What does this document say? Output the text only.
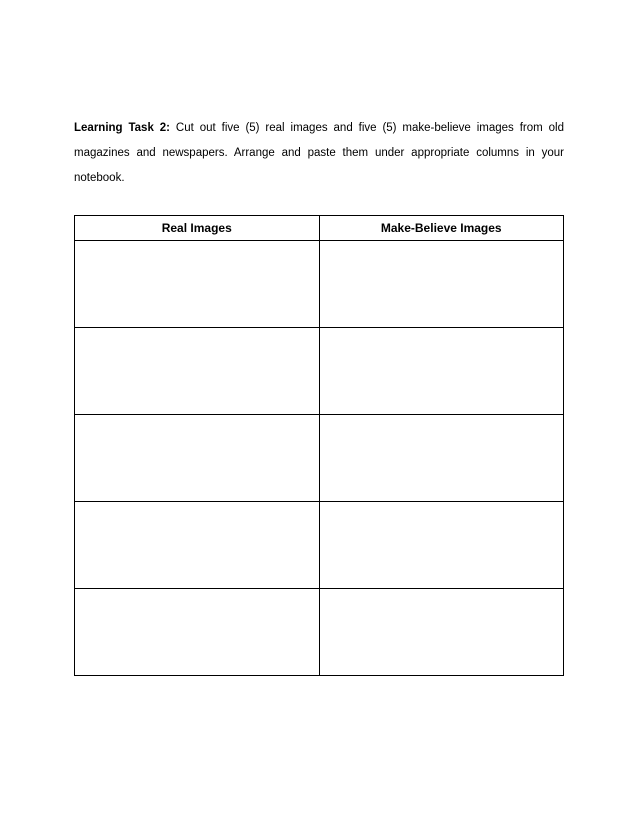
Learning Task 2: Cut out five (5) real images and five (5) make-believe images from old magazines and newspapers. Arrange and paste them under appropriate columns in your notebook.

Real Images	Make-Believe Images
